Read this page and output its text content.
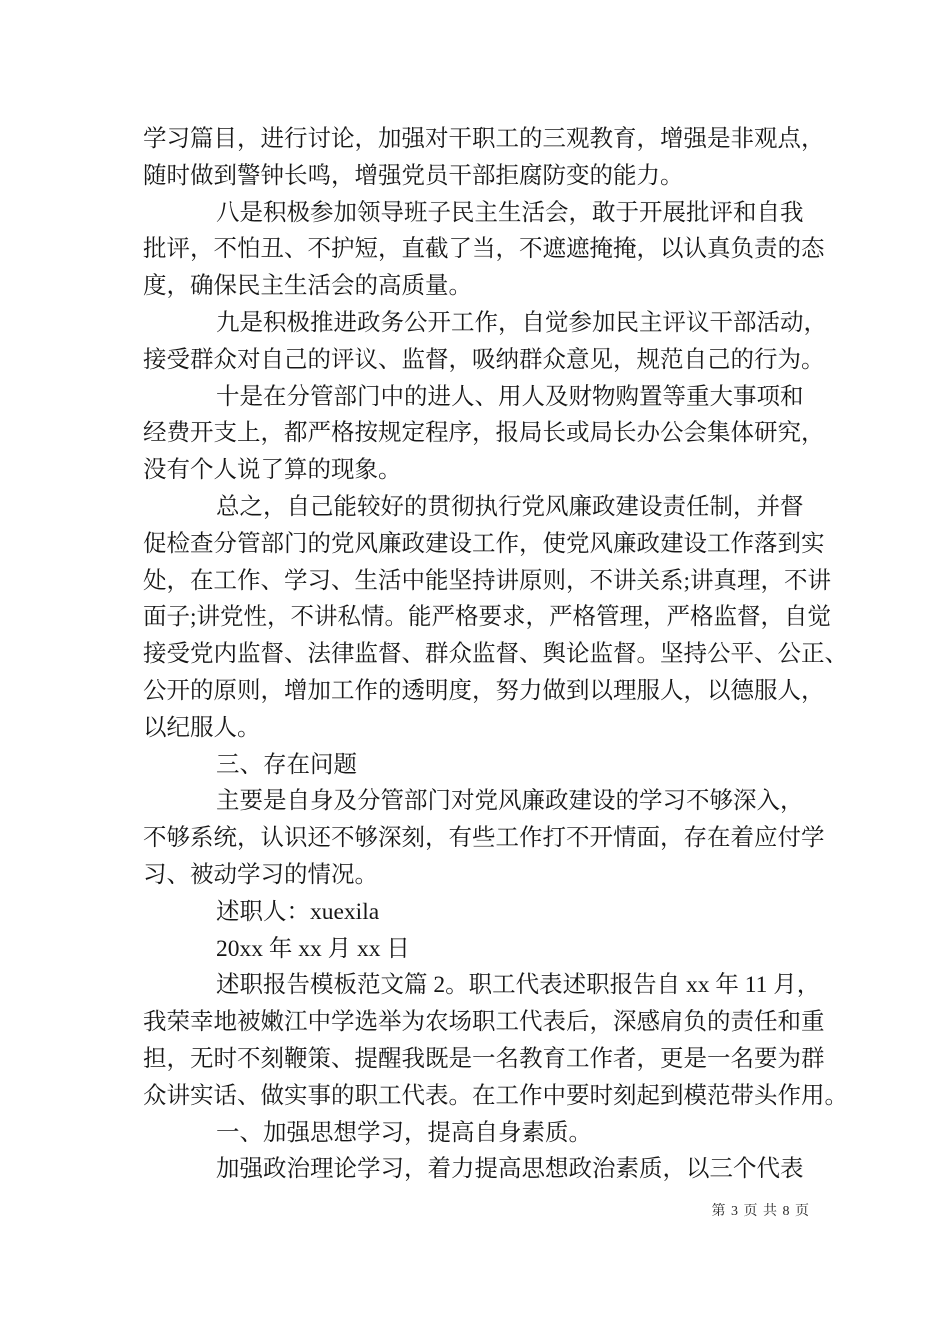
学习篇目，进行讨论，加强对干职工的三观教育，增强是非观点，
随时做到警钟长鸣，增强党员干部拒腐防变的能力。
八是积极参加领导班子民主生活会，敢于开展批评和自我
批评，不怕丑、不护短，直截了当，不遮遮掩掩，以认真负责的态
度，确保民主生活会的高质量。
九是积极推进政务公开工作，自觉参加民主评议干部活动，
接受群众对自己的评议、监督，吸纳群众意见，规范自己的行为。
十是在分管部门中的进人、用人及财物购置等重大事项和
经费开支上，都严格按规定程序，报局长或局长办公会集体研究，
没有个人说了算的现象。
总之，自己能较好的贯彻执行党风廉政建设责任制，并督
促检查分管部门的党风廉政建设工作，使党风廉政建设工作落到实
处，在工作、学习、生活中能坚持讲原则，不讲关系;讲真理，不讲
面子;讲党性，不讲私情。能严格要求，严格管理，严格监督，自觉
接受党内监督、法律监督、群众监督、舆论监督。坚持公平、公正、
公开的原则，增加工作的透明度，努力做到以理服人，以德服人，
以纪服人。
三、存在问题
主要是自身及分管部门对党风廉政建设的学习不够深入，
不够系统，认识还不够深刻，有些工作打不开情面，存在着应付学
习、被动学习的情况。
述职人：xuexila
20xx 年 xx 月 xx 日
述职报告模板范文篇 2。职工代表述职报告自 xx 年 11 月，
我荣幸地被嫩江中学选举为农场职工代表后，深感肩负的责任和重
担，无时不刻鞭策、提醒我既是一名教育工作者，更是一名要为群
众讲实话、做实事的职工代表。在工作中要时刻起到模范带头作用。
一、加强思想学习，提高自身素质。
加强政治理论学习，着力提高思想政治素质，以三个代表
第 3 页 共 8 页
